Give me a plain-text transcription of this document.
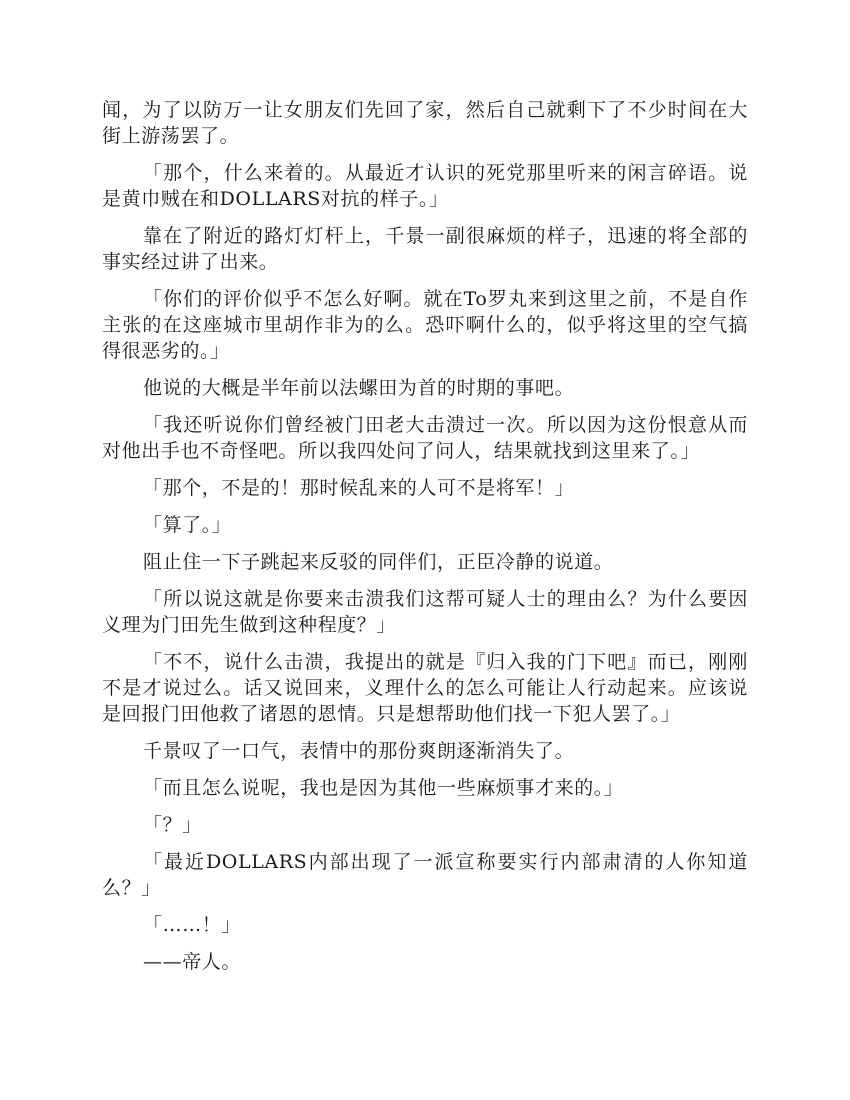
闻，为了以防万一让女朋友们先回了家，然后自己就剩下了不少时间在大街上游荡罢了。

「那个，什么来着的。从最近才认识的死党那里听来的闲言碎语。说是黄巾贼在和DOLLARS对抗的样子。」

靠在了附近的路灯灯杆上，千景一副很麻烦的样子，迅速的将全部的事实经过讲了出来。

「你们的评价似乎不怎么好啊。就在To罗丸来到这里之前，不是自作主张的在这座城市里胡作非为的么。恐吓啊什么的，似乎将这里的空气搞得很恶劣的。」

他说的大概是半年前以法螺田为首的时期的事吧。

「我还听说你们曾经被门田老大击溃过一次。所以因为这份恨意从而对他出手也不奇怪吧。所以我四处问了问人，结果就找到这里来了。」

「那个，不是的！那时候乱来的人可不是将军！」

「算了。」

阻止住一下子跳起来反驳的同伴们，正臣冷静的说道。

「所以说这就是你要来击溃我们这帮可疑人士的理由么？为什么要因义理为门田先生做到这种程度？」

「不不，说什么击溃，我提出的就是『归入我的门下吧』而已，刚刚不是才说过么。话又说回来，义理什么的怎么可能让人行动起来。应该说是回报门田他救了诸恩的恩情。只是想帮助他们找一下犯人罢了。」

千景叹了一口气，表情中的那份爽朗逐渐消失了。

「而且怎么说呢，我也是因为其他一些麻烦事才来的。」

「？」

「最近DOLLARS内部出现了一派宣称要实行内部肃清的人你知道么？」

「……！」

——帝人。
